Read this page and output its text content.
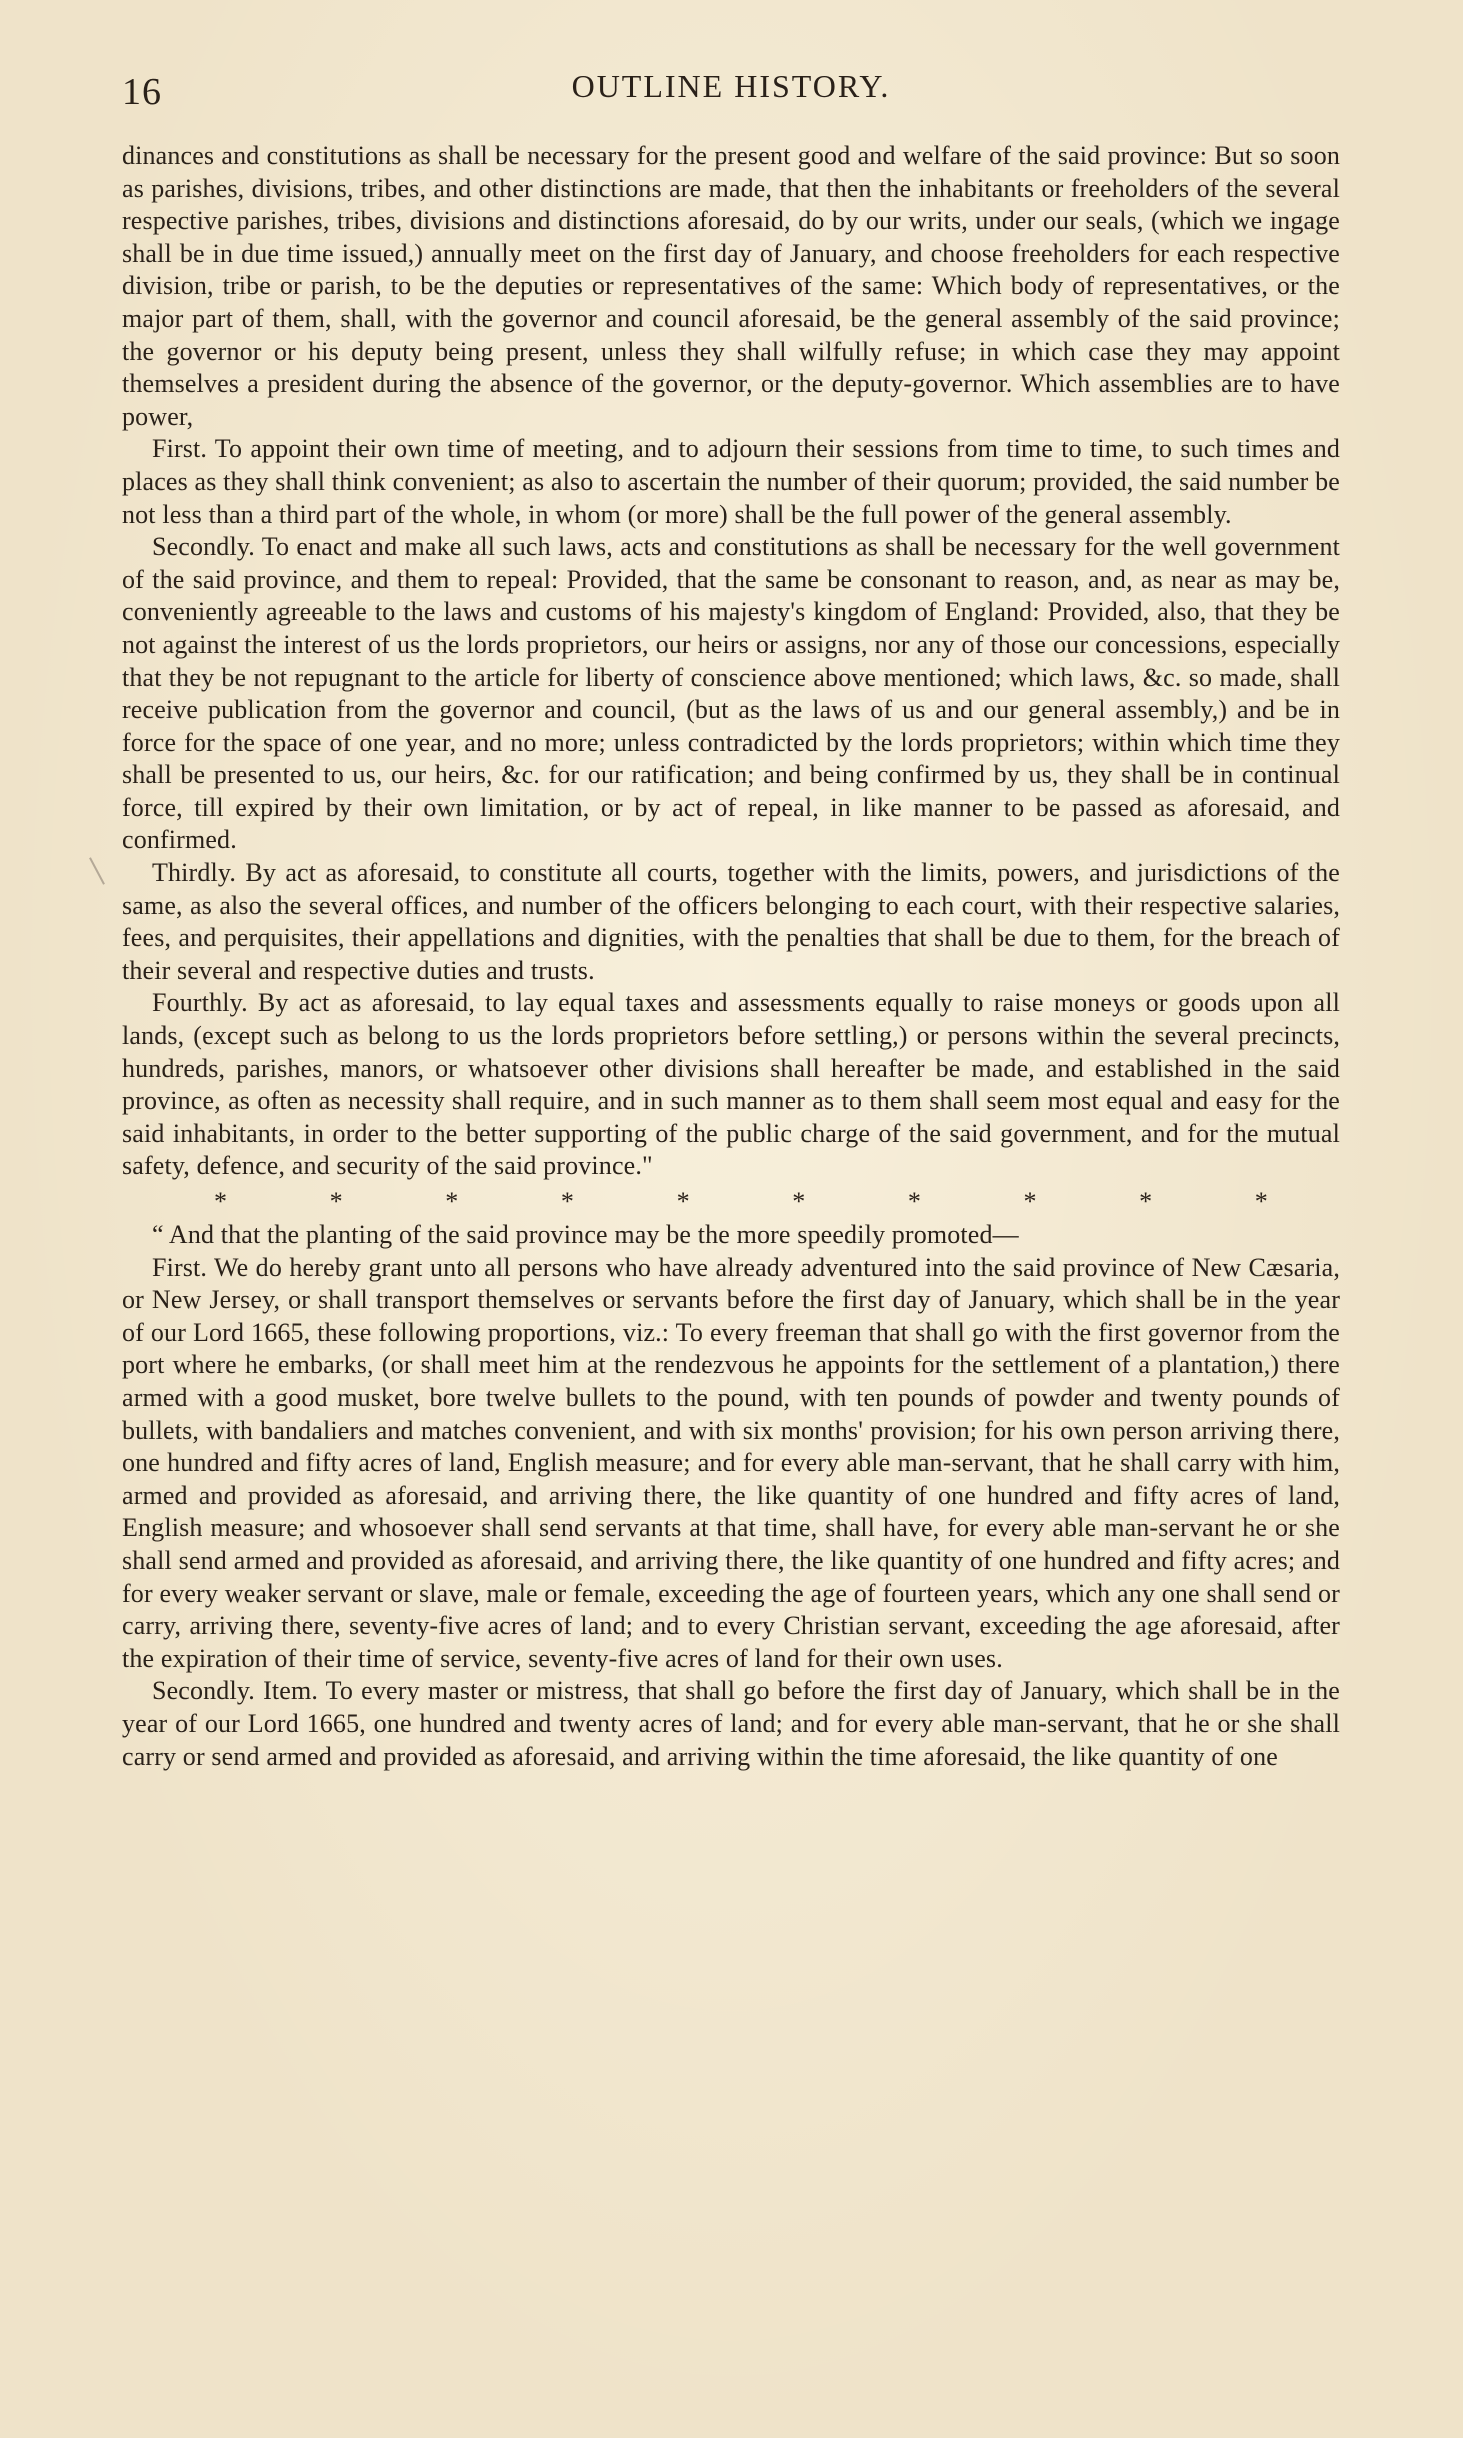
16	OUTLINE HISTORY.

dinances and constitutions as shall be necessary for the present good and welfare of the said province: But so soon as parishes, divisions, tribes, and other distinctions are made, that then the inhabitants or freeholders of the several respective parishes, tribes, divisions and distinctions aforesaid, do by our writs, under our seals, (which we ingage shall be in due time issued,) annually meet on the first day of January, and choose freeholders for each respective division, tribe or parish, to be the deputies or representatives of the same: Which body of representatives, or the major part of them, shall, with the governor and council aforesaid, be the general assembly of the said province; the governor or his deputy being present, unless they shall wilfully refuse; in which case they may appoint themselves a president during the absence of the governor, or the deputy-governor. Which assemblies are to have power,

First. To appoint their own time of meeting, and to adjourn their sessions from time to time, to such times and places as they shall think convenient; as also to ascertain the number of their quorum; provided, the said number be not less than a third part of the whole, in whom (or more) shall be the full power of the general assembly.

Secondly. To enact and make all such laws, acts and constitutions as shall be necessary for the well government of the said province, and them to repeal: Provided, that the same be consonant to reason, and, as near as may be, conveniently agreeable to the laws and customs of his majesty's kingdom of England: Provided, also, that they be not against the interest of us the lords proprietors, our heirs or assigns, nor any of those our concessions, especially that they be not repugnant to the article for liberty of conscience above mentioned; which laws, &c. so made, shall receive publication from the governor and council, (but as the laws of us and our general assembly,) and be in force for the space of one year, and no more; unless contradicted by the lords proprietors; within which time they shall be presented to us, our heirs, &c. for our ratification; and being confirmed by us, they shall be in continual force, till expired by their own limitation, or by act of repeal, in like manner to be passed as aforesaid, and confirmed.

Thirdly. By act as aforesaid, to constitute all courts, together with the limits, powers, and jurisdictions of the same, as also the several offices, and number of the officers belonging to each court, with their respective salaries, fees, and perquisites, their appellations and dignities, with the penalties that shall be due to them, for the breach of their several and respective duties and trusts.

Fourthly. By act as aforesaid, to lay equal taxes and assessments equally to raise moneys or goods upon all lands, (except such as belong to us the lords proprietors before settling,) or persons within the several precincts, hundreds, parishes, manors, or whatsoever other divisions shall hereafter be made, and established in the said province, as often as necessity shall require, and in such manner as to them shall seem most equal and easy for the said inhabitants, in order to the better supporting of the public charge of the said government, and for the mutual safety, defence, and security of the said province."

*	*	*	*	*	*	*	*	*	*

“ And that the planting of the said province may be the more speedily promoted—

First. We do hereby grant unto all persons who have already adventured into the said province of New Cæsaria, or New Jersey, or shall transport themselves or servants before the first day of January, which shall be in the year of our Lord 1665, these following proportions, viz.: To every freeman that shall go with the first governor from the port where he embarks, (or shall meet him at the rendezvous he appoints for the settlement of a plantation,) there armed with a good musket, bore twelve bullets to the pound, with ten pounds of powder and twenty pounds of bullets, with bandaliers and matches convenient, and with six months' provision; for his own person arriving there, one hundred and fifty acres of land, English measure; and for every able man-servant, that he shall carry with him, armed and provided as aforesaid, and arriving there, the like quantity of one hundred and fifty acres of land, English measure; and whosoever shall send servants at that time, shall have, for every able man-servant he or she shall send armed and provided as aforesaid, and arriving there, the like quantity of one hundred and fifty acres; and for every weaker servant or slave, male or female, exceeding the age of fourteen years, which any one shall send or carry, arriving there, seventy-five acres of land; and to every Christian servant, exceeding the age aforesaid, after the expiration of their time of service, seventy-five acres of land for their own uses.

Secondly. Item. To every master or mistress, that shall go before the first day of January, which shall be in the year of our Lord 1665, one hundred and twenty acres of land; and for every able man-servant, that he or she shall carry or send armed and provided as aforesaid, and arriving within the time aforesaid, the like quantity of one
